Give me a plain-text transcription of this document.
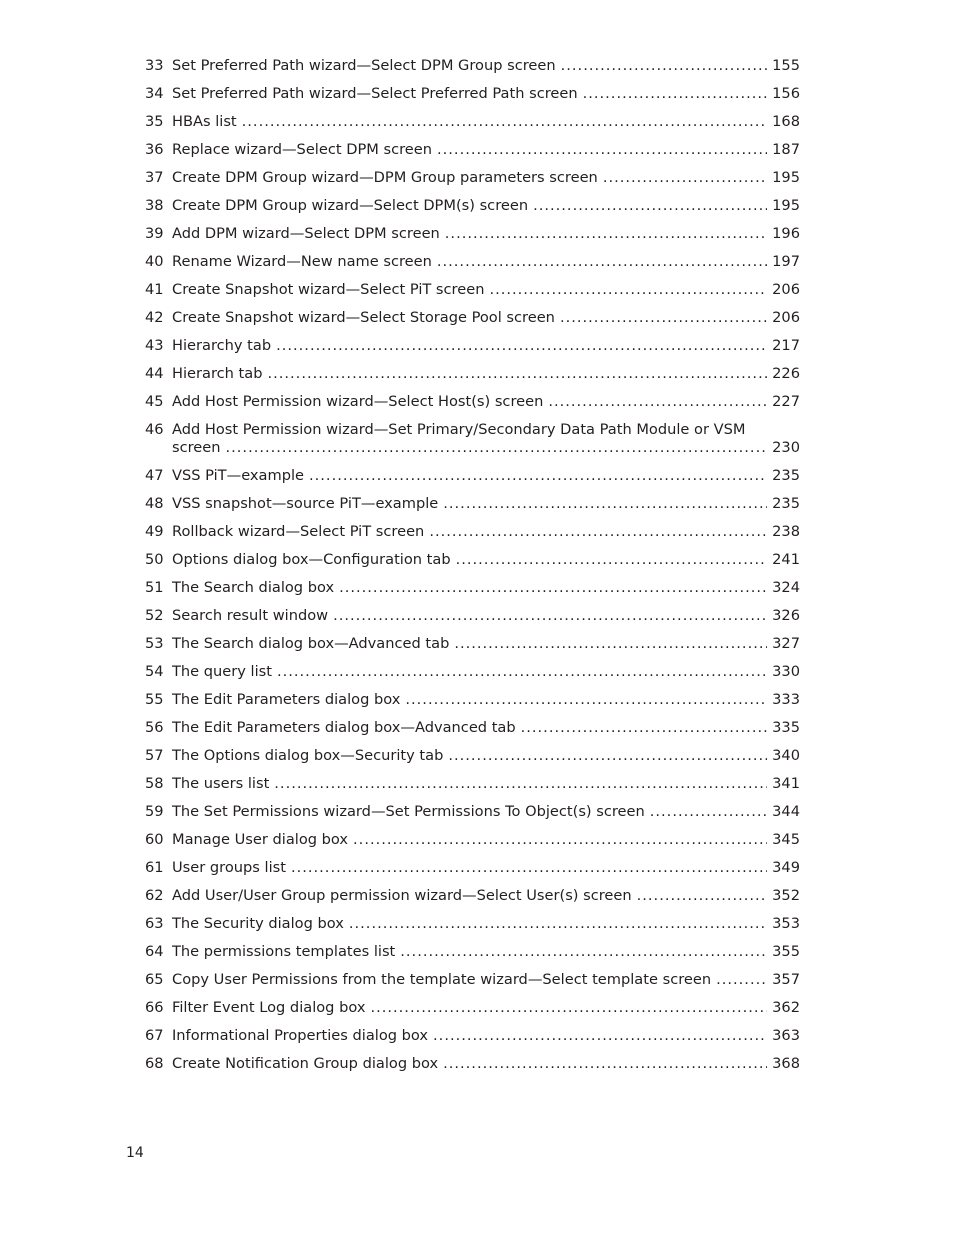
33 Set Preferred Path wizard—Select DPM Group screen .....	155
34 Set Preferred Path wizard—Select Preferred Path screen .....	156
35 HBAs list .....	168
36 Replace wizard—Select DPM screen .....	187
37 Create DPM Group wizard—DPM Group parameters screen .....	195
38 Create DPM Group wizard—Select DPM(s) screen .....	195
39 Add DPM wizard—Select DPM screen .....	196
40 Rename Wizard—New name screen .....	197
41 Create Snapshot wizard—Select PiT screen .....	206
42 Create Snapshot wizard—Select Storage Pool screen .....	206
43 Hierarchy tab .....	217
44 Hierarch tab .....	226
45 Add Host Permission wizard—Select Host(s) screen .....	227
46 Add Host Permission wizard—Set Primary/Secondary Data Path Module or VSM
screen .....	230
47 VSS PiT—example .....	235
48 VSS snapshot—source PiT—example .....	235
49 Rollback wizard—Select PiT screen .....	238
50 Options dialog box—Configuration tab .....	241
51 The Search dialog box .....	324
52 Search result window .....	326
53 The Search dialog box—Advanced tab .....	327
54 The query list .....	330
55 The Edit Parameters dialog box .....	333
56 The Edit Parameters dialog box—Advanced tab .....	335
57 The Options dialog box—Security tab .....	340
58 The users list .....	341
59 The Set Permissions wizard—Set Permissions To Object(s) screen .....	344
60 Manage User dialog box .....	345
61 User groups list .....	349
62 Add User/User Group permission wizard—Select User(s) screen .....	352
63 The Security dialog box .....	353
64 The permissions templates list .....	355
65 Copy User Permissions from the template wizard—Select template screen .....	357
66 Filter Event Log dialog box .....	362
67 Informational Properties dialog box .....	363
68 Create Notification Group dialog box .....	368
14
